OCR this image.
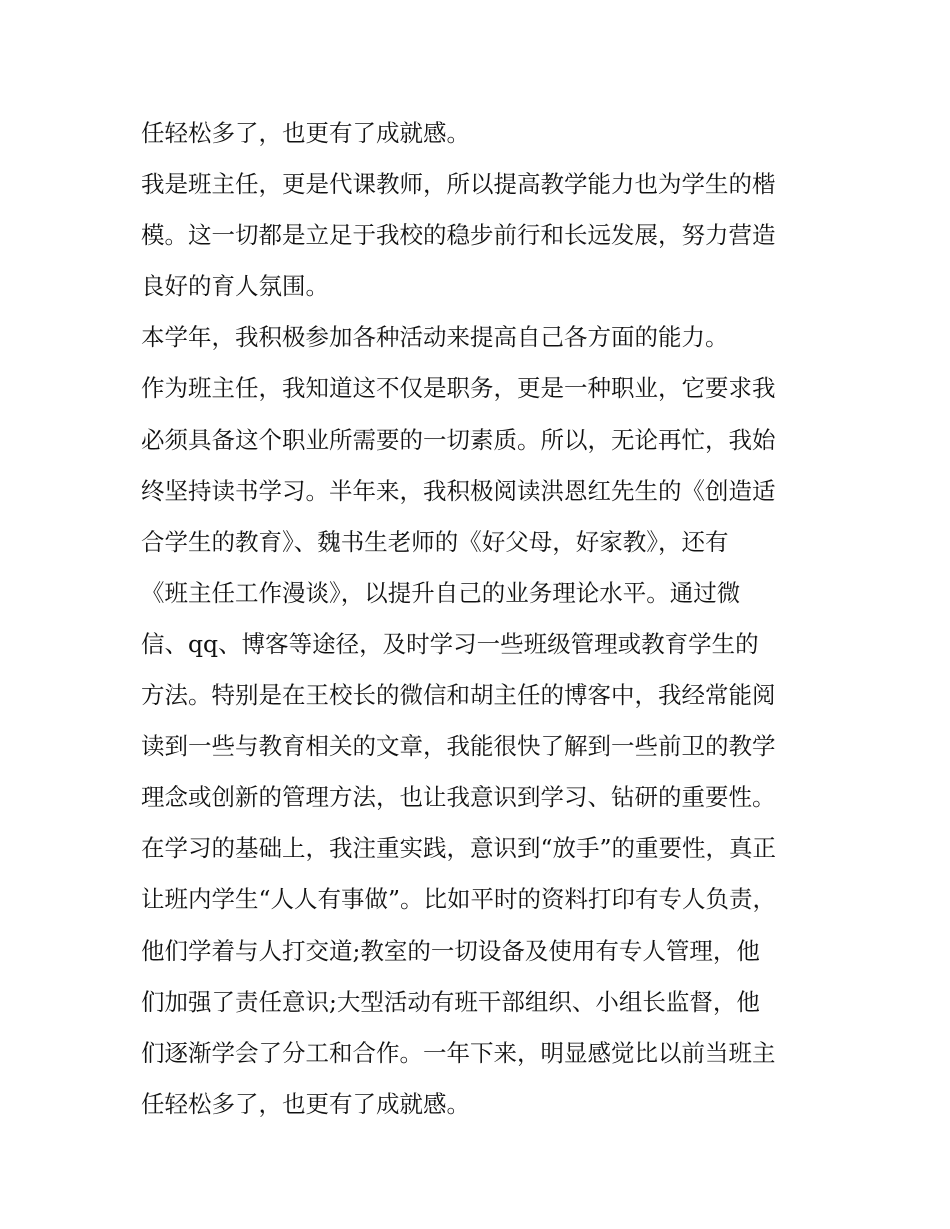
任轻松多了，也更有了成就感。
我是班主任，更是代课教师，所以提高教学能力也为学生的楷
模。这一切都是立足于我校的稳步前行和长远发展，努力营造
良好的育人氛围。
本学年，我积极参加各种活动来提高自己各方面的能力。
作为班主任，我知道这不仅是职务，更是一种职业，它要求我
必须具备这个职业所需要的一切素质。所以，无论再忙，我始
终坚持读书学习。半年来，我积极阅读洪恩红先生的《创造适
合学生的教育》、魏书生老师的《好父母，好家教》，还有
《班主任工作漫谈》，以提升自己的业务理论水平。通过微
信、qq、博客等途径，及时学习一些班级管理或教育学生的
方法。特别是在王校长的微信和胡主任的博客中，我经常能阅
读到一些与教育相关的文章，我能很快了解到一些前卫的教学
理念或创新的管理方法，也让我意识到学习、钻研的重要性。
在学习的基础上，我注重实践，意识到“放手”的重要性，真正
让班内学生“人人有事做”。比如平时的资料打印有专人负责，
他们学着与人打交道;教室的一切设备及使用有专人管理，他
们加强了责任意识;大型活动有班干部组织、小组长监督，他
们逐渐学会了分工和合作。一年下来，明显感觉比以前当班主
任轻松多了，也更有了成就感。
